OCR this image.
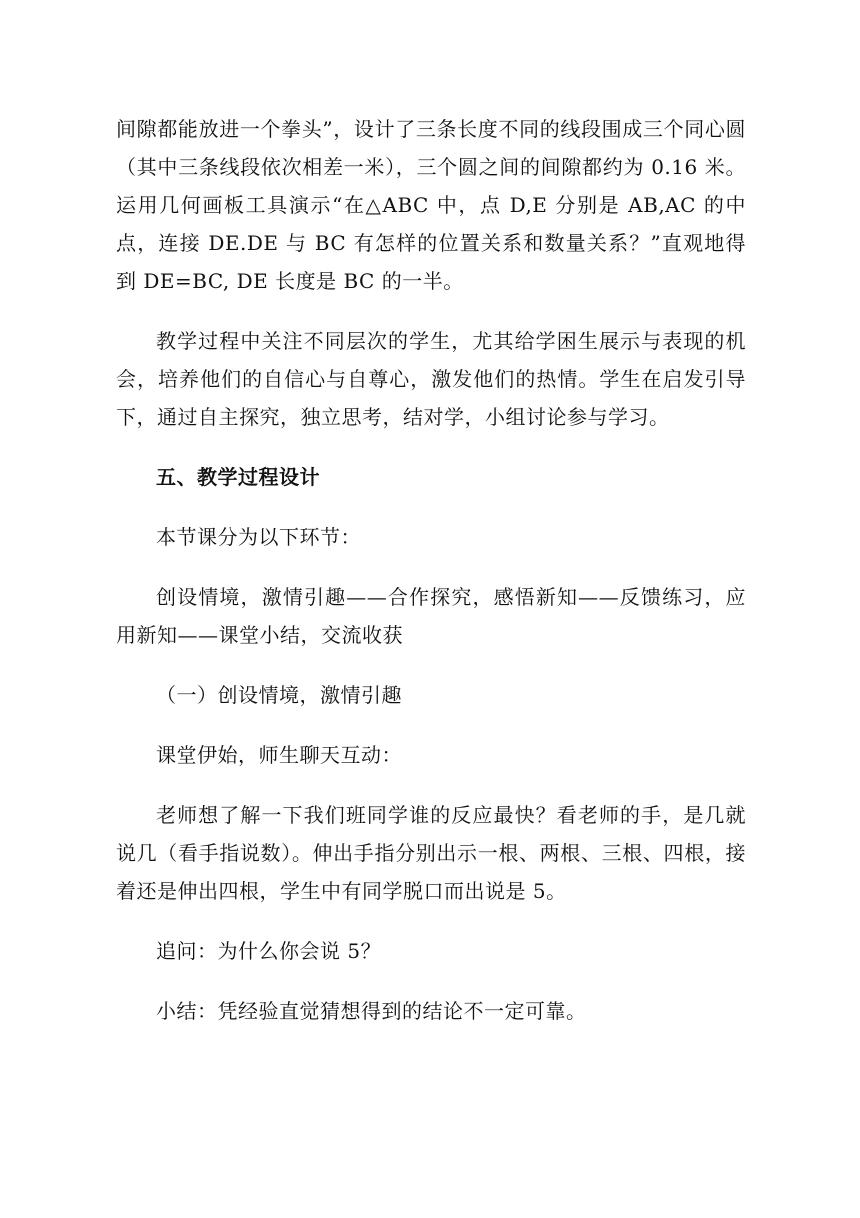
间隙都能放进一个拳头”，设计了三条长度不同的线段围成三个同心圆（其中三条线段依次相差一米），三个圆之间的间隙都约为 0.16 米。运用几何画板工具演示“在△ABC 中，点 D,E 分别是 AB,AC 的中点，连接 DE.DE 与 BC 有怎样的位置关系和数量关系？”直观地得到 DE=BC, DE 长度是 BC 的一半。

教学过程中关注不同层次的学生，尤其给学困生展示与表现的机会，培养他们的自信心与自尊心，激发他们的热情。学生在启发引导下，通过自主探究，独立思考，结对学，小组讨论参与学习。

五、教学过程设计

本节课分为以下环节：

创设情境，激情引趣——合作探究，感悟新知——反馈练习，应用新知——课堂小结，交流收获

（一）创设情境，激情引趣

课堂伊始，师生聊天互动：

老师想了解一下我们班同学谁的反应最快？看老师的手，是几就说几（看手指说数）。伸出手指分别出示一根、两根、三根、四根，接着还是伸出四根，学生中有同学脱口而出说是 5。

追问：为什么你会说 5？

小结：凭经验直觉猜想得到的结论不一定可靠。
